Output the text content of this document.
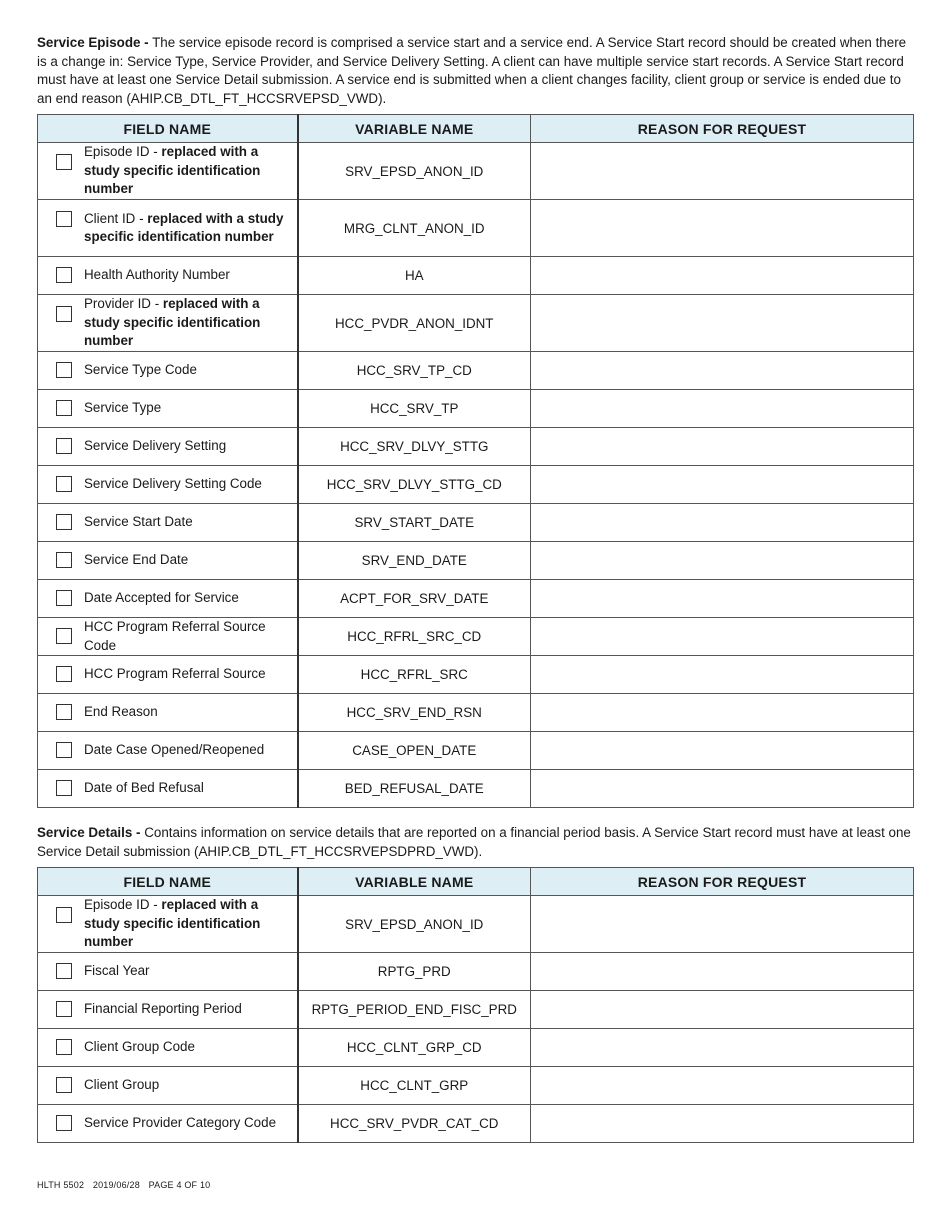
Service Episode - The service episode record is comprised a service start and a service end. A Service Start record should be created when there is a change in: Service Type, Service Provider, and Service Delivery Setting. A client can have multiple service start records. A Service Start record must have at least one Service Detail submission. A service end is submitted when a client changes facility, client group or service is ended due to an end reason (AHIP.CB_DTL_FT_HCCSRVEPSD_VWD).

FIELD NAME	VARIABLE NAME	REASON FOR REQUEST

Episode ID - replaced with a study specific identification number	SRV_EPSD_ANON_ID	

Client ID - replaced with a study specific identification number	MRG_CLNT_ANON_ID	

Health Authority Number	HA	

Provider ID - replaced with a study specific identification number	HCC_PVDR_ANON_IDNT	

Service Type Code	HCC_SRV_TP_CD	

Service Type	HCC_SRV_TP	

Service Delivery Setting	HCC_SRV_DLVY_STTG	

Service Delivery Setting Code	HCC_SRV_DLVY_STTG_CD	

Service Start Date	SRV_START_DATE	

Service End Date	SRV_END_DATE	

Date Accepted for Service	ACPT_FOR_SRV_DATE	

HCC Program Referral Source Code	HCC_RFRL_SRC_CD	

HCC Program Referral Source	HCC_RFRL_SRC	

End Reason	HCC_SRV_END_RSN	

Date Case Opened/Reopened	CASE_OPEN_DATE	

Date of Bed Refusal	BED_REFUSAL_DATE	

Service Details - Contains information on service details that are reported on a financial period basis. A Service Start record must have at least one Service Detail submission (AHIP.CB_DTL_FT_HCCSRVEPSDPRD_VWD).

FIELD NAME	VARIABLE NAME	REASON FOR REQUEST

Episode ID - replaced with a study specific identification number	SRV_EPSD_ANON_ID	

Fiscal Year	RPTG_PRD	

Financial Reporting Period	RPTG_PERIOD_END_FISC_PRD	

Client Group Code	HCC_CLNT_GRP_CD	

Client Group	HCC_CLNT_GRP	

Service Provider Category Code	HCC_SRV_PVDR_CAT_CD	
HLTH 5502 2019/06/28 PAGE 4 OF 10
